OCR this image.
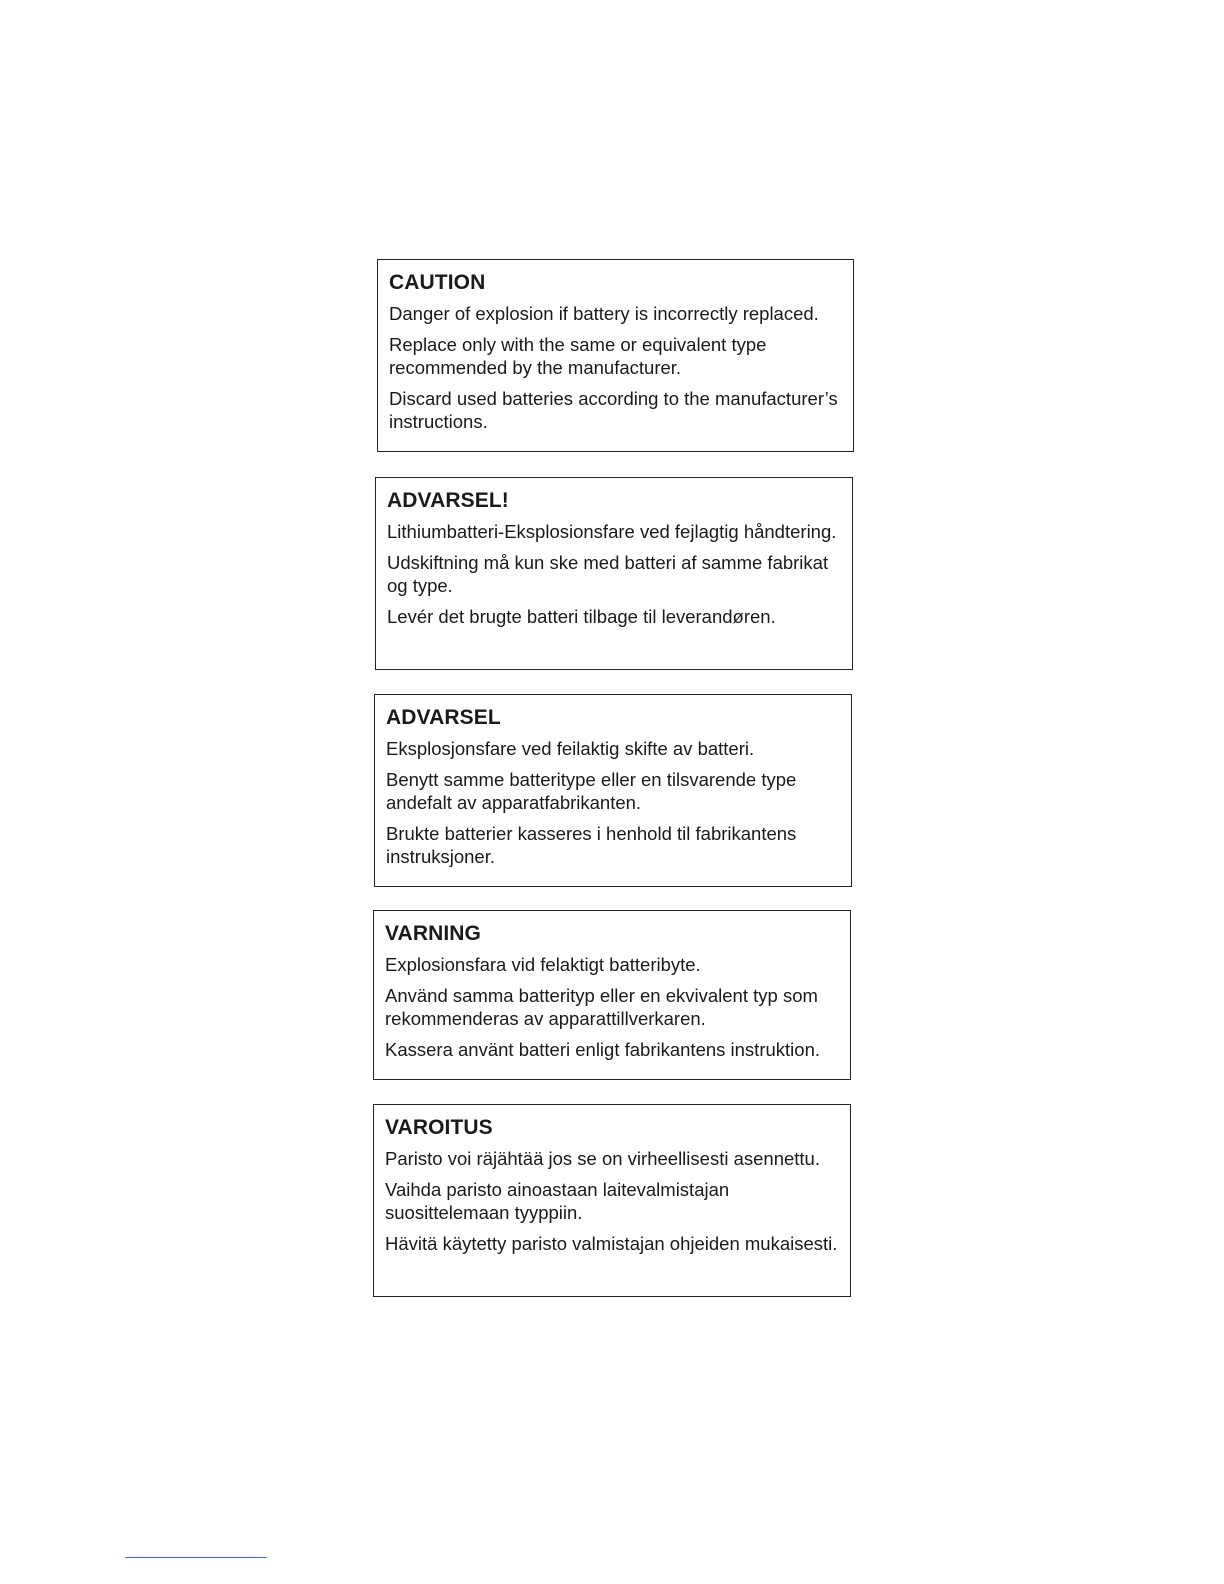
CAUTION

Danger of explosion if battery is incorrectly replaced.

Replace only with the same or equivalent type recommended by the manufacturer.

Discard used batteries according to the manufacturer’s instructions.

ADVARSEL!

Lithiumbatteri-Eksplosionsfare ved fejlagtig håndtering.

Udskiftning må kun ske med batteri af samme fabrikat og type.

Levér det brugte batteri tilbage til leverandøren.

ADVARSEL

Eksplosjonsfare ved feilaktig skifte av batteri.

Benytt samme batteritype eller en tilsvarende type andefalt av apparatfabrikanten.

Brukte batterier kasseres i henhold til fabrikantens instruksjoner.

VARNING

Explosionsfara vid felaktigt batteribyte.

Använd samma batterityp eller en ekvivalent typ som rekommenderas av apparattillverkaren.

Kassera använt batteri enligt fabrikantens instruktion.

VAROITUS

Paristo voi räjähtää jos se on virheellisesti asennettu.

Vaihda paristo ainoastaan laitevalmistajan suosittelemaan tyyppiin.

Hävitä käytetty paristo valmistajan ohjeiden mukaisesti.
